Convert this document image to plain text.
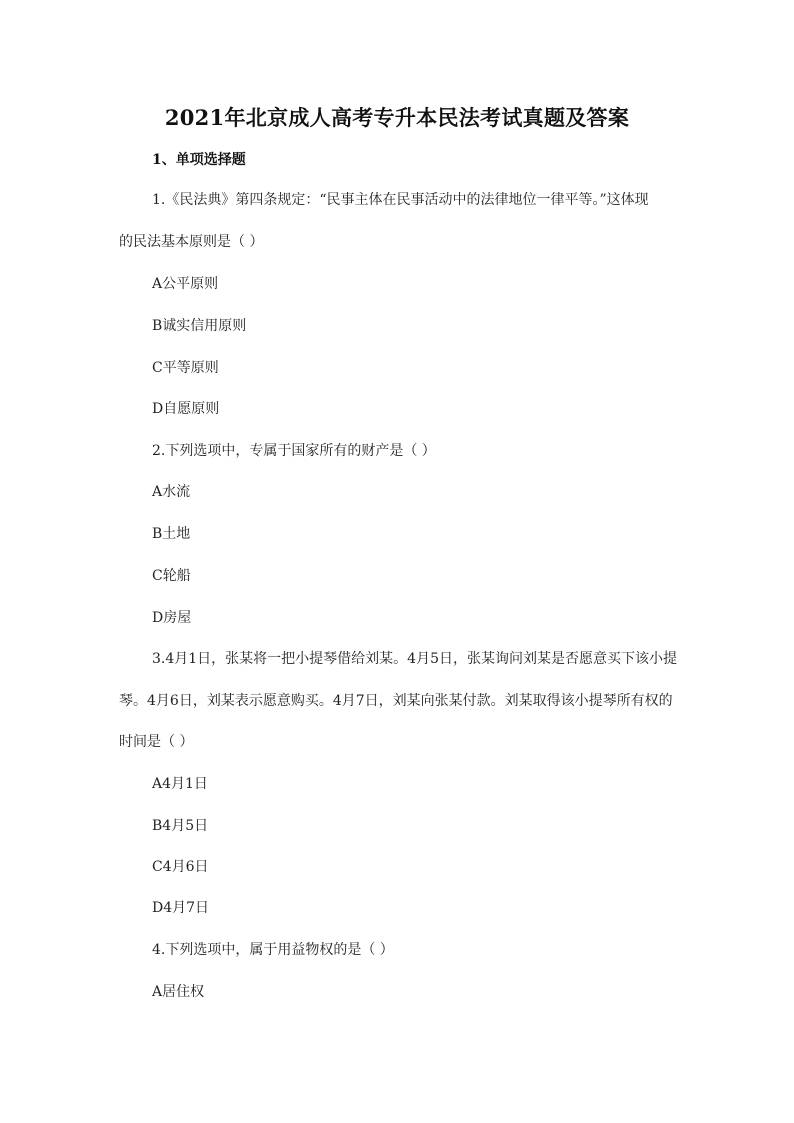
2021年北京成人高考专升本民法考试真题及答案
1、单项选择题
1.《民法典》第四条规定：“民事主体在民事活动中的法律地位一律平等。”这体现
的民法基本原则是（ ）
A公平原则
B诚实信用原则
C平等原则
D自愿原则
2.下列选项中，专属于国家所有的财产是（ ）
A水流
B土地
C轮船
D房屋
3.4月1日，张某将一把小提琴借给刘某。4月5日，张某询问刘某是否愿意买下该小提
琴。4月6日，刘某表示愿意购买。4月7日，刘某向张某付款。刘某取得该小提琴所有权的
时间是（ ）
A4月1日
B4月5日
C4月6日
D4月7日
4.下列选项中，属于用益物权的是（ ）
A居住权
